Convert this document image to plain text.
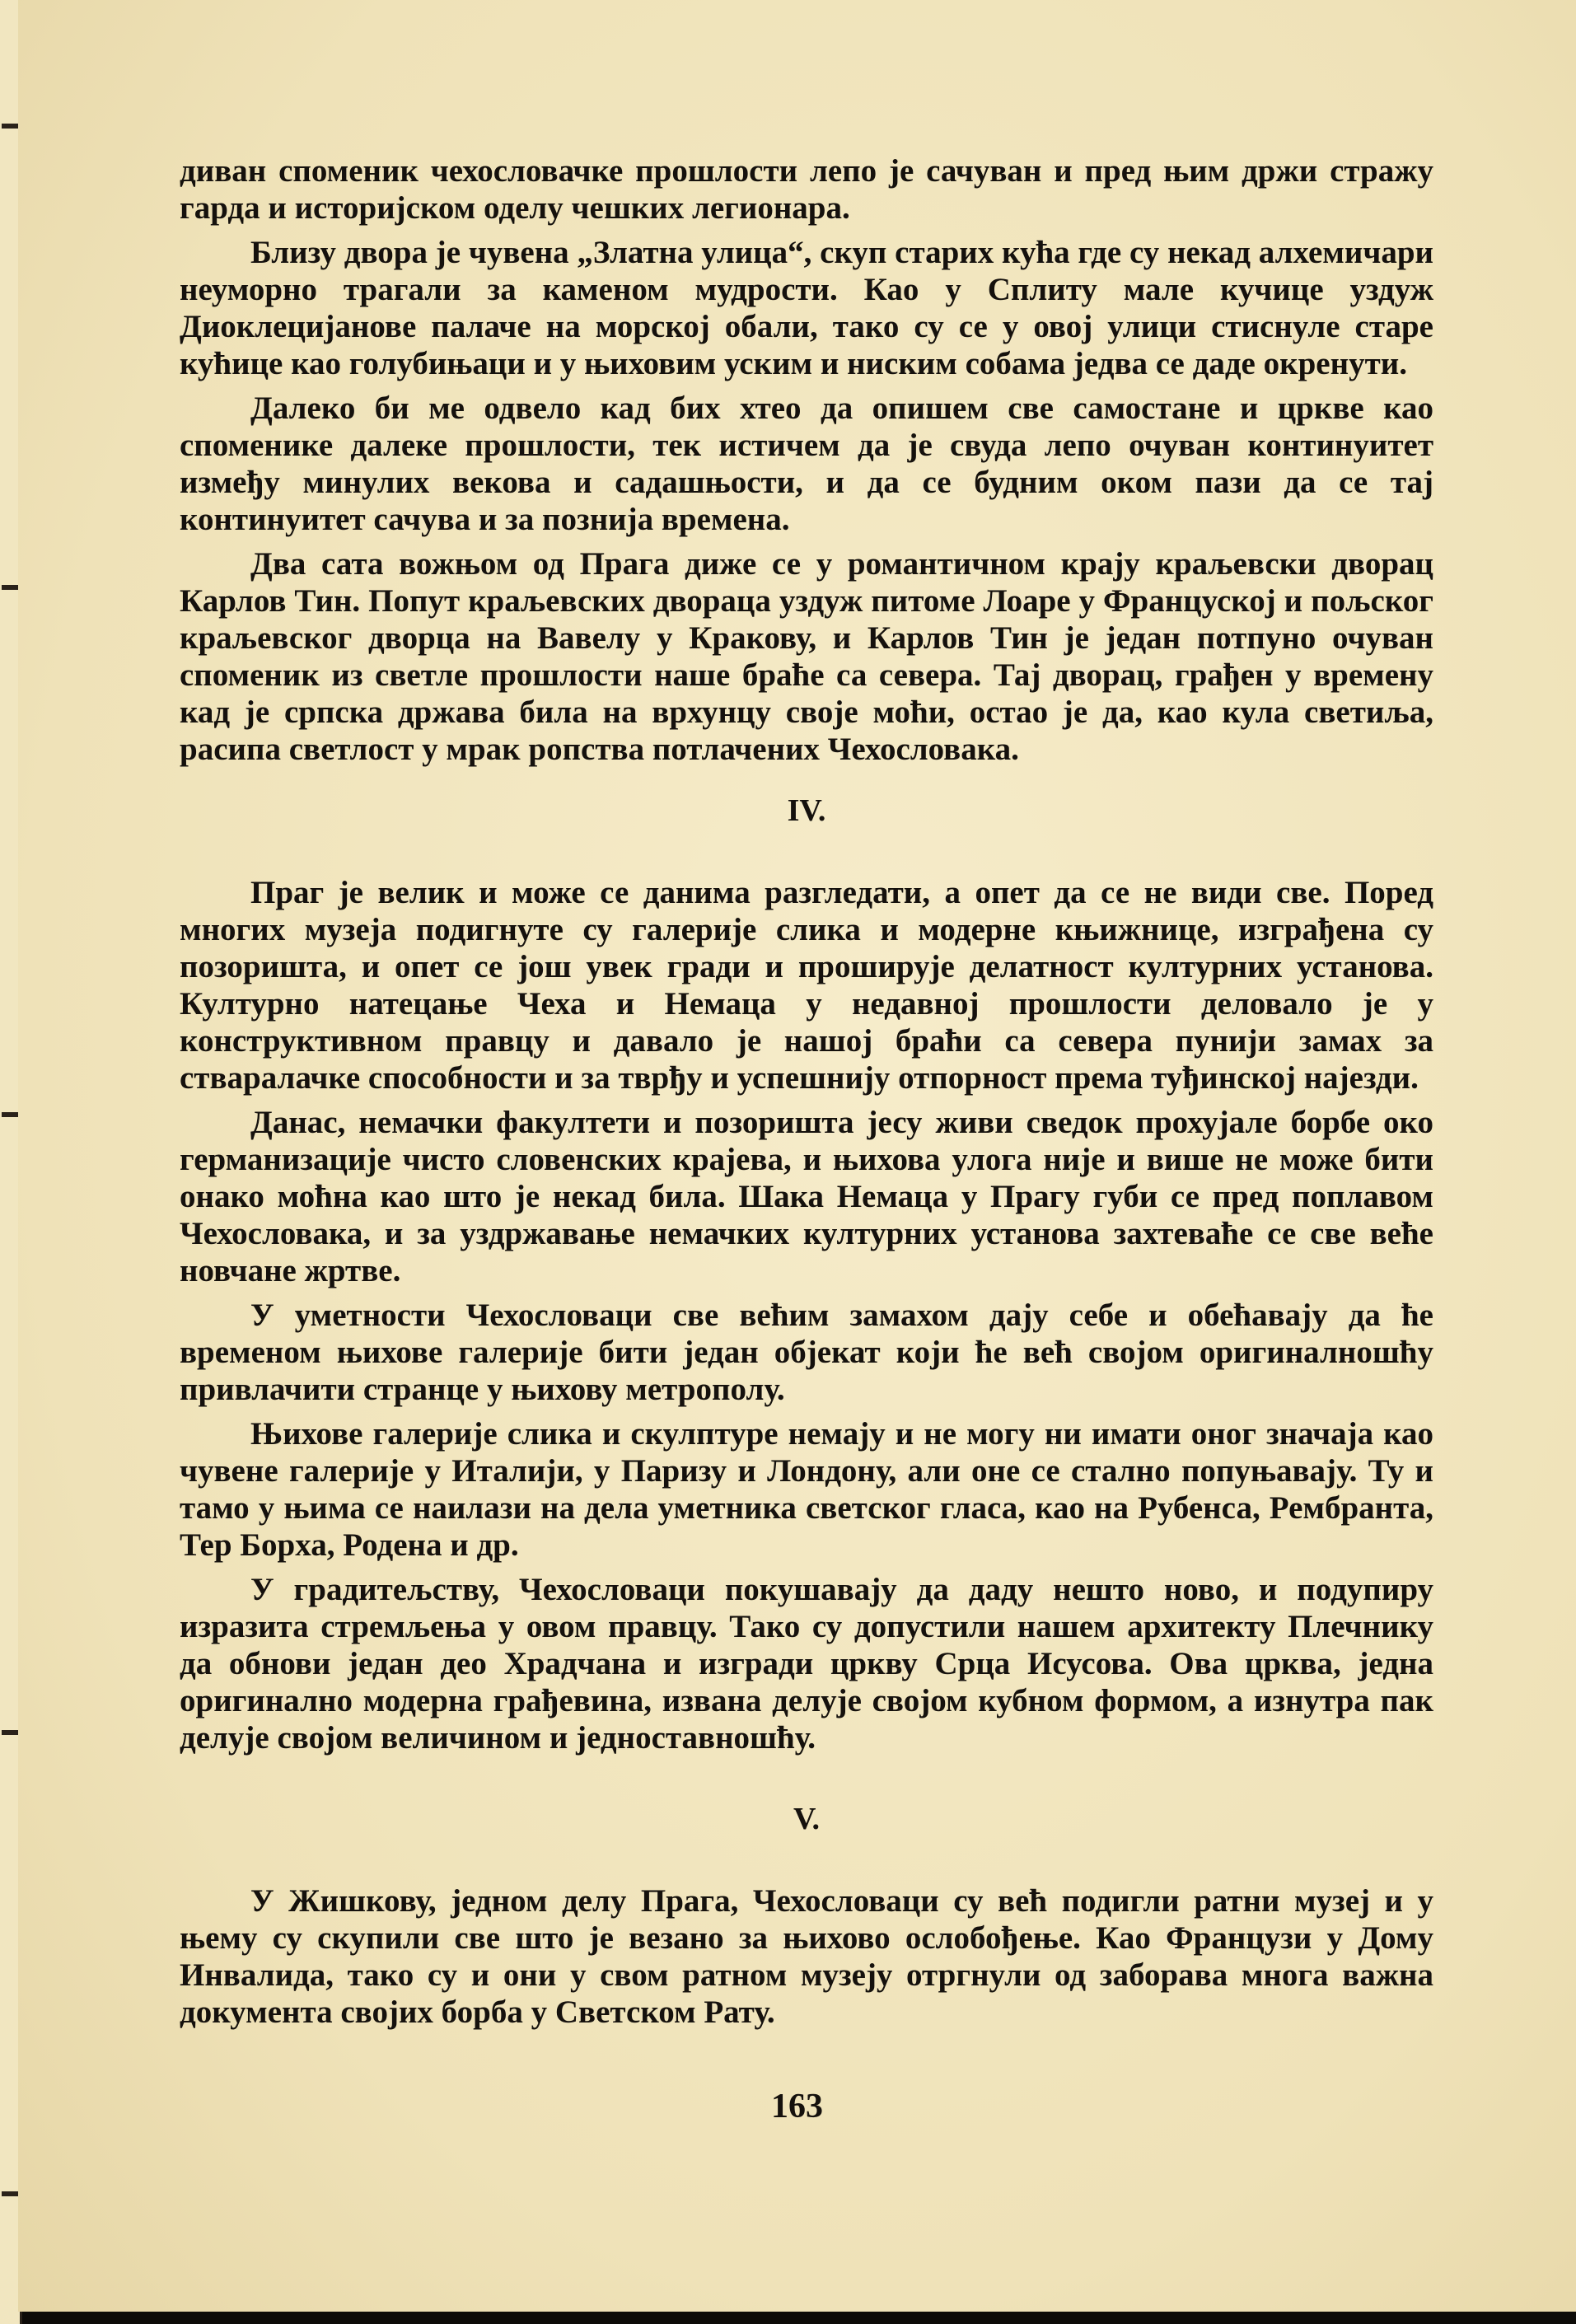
диван споменик чехословачке прошлости лепо је сачуван и пред њим држи стражу гарда и историјском оделу чешких легионара.

Близу двора је чувена „Златна улица“, скуп старих кућа где су некад алхемичари неуморно трагали за каменом мудрости. Као у Сплиту мале кучице уздуж Диоклецијанове палаче на морској обали, тако су се у овој улици стиснуле старе кућице као голубињаци и у њиховим уским и ниским собама једва се даде окренути.

Далеко би ме одвело кад бих хтео да опишем све самостане и цркве као споменике далеке прошлости, тек истичем да је свуда лепо очуван континуитет између минулих векова и садашњости, и да се будним оком пази да се тај континуитет сачува и за познија времена.

Два сата вожњом од Прага диже се у романтичном крају краљевски дворац Карлов Тин. Попут краљевских двораца уздуж питоме Лоаре у Француској и пољског краљевског дворца на Вавелу у Кракову, и Карлов Тин је један потпуно очуван споменик из светле прошлости наше браће са севера. Тај дворац, грађен у времену кад је српска држава била на врхунцу своје моћи, остао је да, као кула светиља, расипа светлост у мрак ропства потлачених Чехословака.

IV.

Праг је велик и може се данима разгледати, а опет да се не види све. Поред многих музеја подигнуте су галерије слика и модерне књижнице, изграђена су позоришта, и опет се још увек гради и проширује делатност културних установа. Културно натецање Чеха и Немаца у недавној прошлости деловало је у конструктивном правцу и давало је нашој браћи са севера пунији замах за стваралачке способности и за тврђу и успешнију отпорност према туђинској најезди.

Данас, немачки факултети и позоришта јесу живи сведок прохујале борбе око германизације чисто словенских крајева, и њихова улога није и више не може бити онако моћна као што је некад била. Шака Немаца у Прагу губи се пред поплавом Чехословака, и за уздржавање немачких културних установа захтеваће се све веће новчане жртве.

У уметности Чехословаци све већим замахом дају себе и обећавају да ће временом њихове галерије бити један објекат који ће већ својом оригиналношћу привлачити странце у њихову метрополу.

Њихове галерије слика и скулптуре немају и не могу ни имати оног значаја као чувене галерије у Италији, у Паризу и Лондону, али оне се стално попуњавају. Ту и тамо у њима се наилази на дела уметника светског гласа, као на Рубенса, Рембранта, Тер Борха, Родена и др.

У градитељству, Чехословаци покушавају да даду нешто ново, и подупиру изразита стремљења у овом правцу. Тако су допустили нашем архитекту Плечнику да обнови један део Храдчана и изгради цркву Срца Исусова. Ова црква, једна оригинално модерна грађевина, извана делује својом кубном формом, а изнутра пак делује својом величином и једноставношћу.

V.

У Жишкову, једном делу Прага, Чехословаци су већ подигли ратни музеј и у њему су скупили све што је везано за њихово ослобођење. Као Французи у Дому Инвалида, тако су и они у свом ратном музеју отргнули од заборава многа важна документа својих борба у Светском Рату.

163
